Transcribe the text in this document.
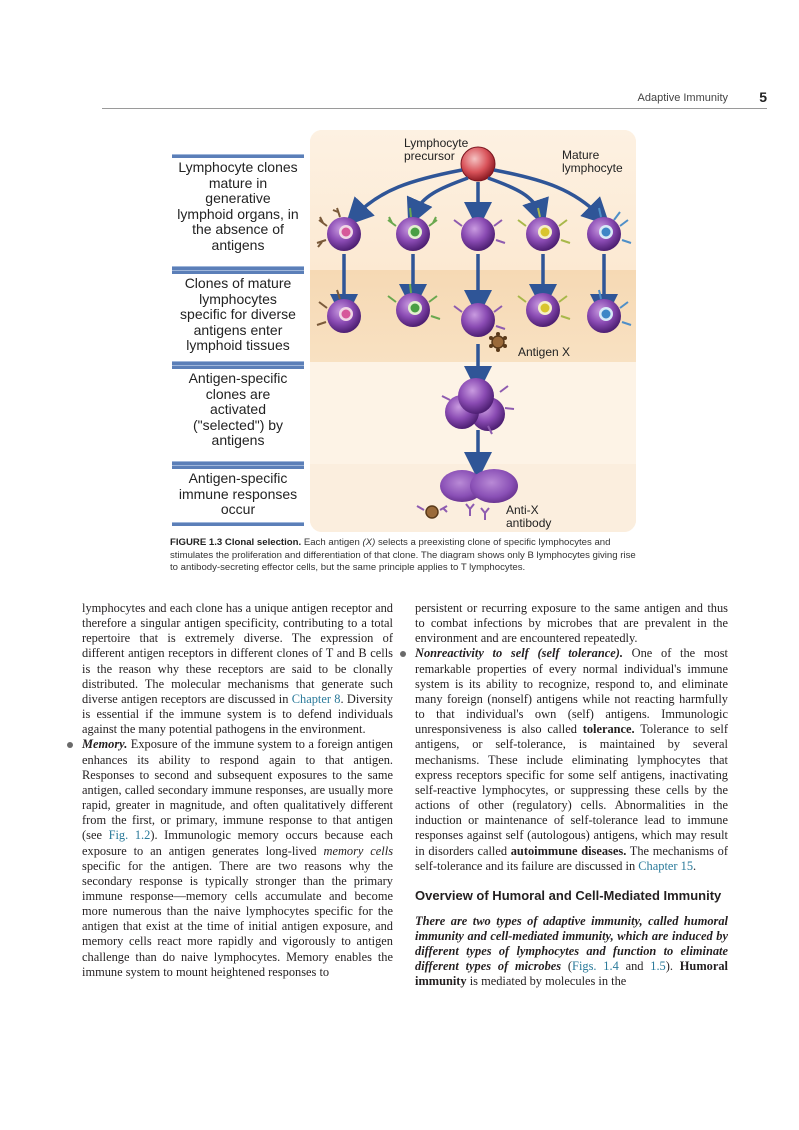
Adaptive Immunity 5
Lymphocyte clones mature in generative lymphoid organs, in the absence of antigens
Clones of mature lymphocytes specific for diverse antigens enter lymphoid tissues
Antigen-specific clones are activated ("selected") by antigens
Antigen-specific immune responses occur
Lymphocyte precursor	Mature lymphocyte
Antigen X
Anti-X antibody
FIGURE 1.3 Clonal selection. Each antigen (X) selects a preexisting clone of specific lymphocytes and stimulates the proliferation and differentiation of that clone. The diagram shows only B lymphocytes giving rise to antibody-secreting effector cells, but the same principle applies to T lymphocytes.

lymphocytes and each clone has a unique antigen receptor and therefore a singular antigen specificity, contributing to a total repertoire that is extremely diverse. The expression of different antigen receptors in different clones of T and B cells is the reason why these receptors are said to be clonally distributed. The molecular mechanisms that generate such diverse antigen receptors are discussed in Chapter 8. Diversity is essential if the immune system is to defend individuals against the many potential pathogens in the environment.

Memory. Exposure of the immune system to a foreign antigen enhances its ability to respond again to that antigen. Responses to second and subsequent exposures to the same antigen, called secondary immune responses, are usually more rapid, greater in magnitude, and often qualitatively different from the first, or primary, immune response to that antigen (see Fig. 1.2). Immunologic memory occurs because each exposure to an antigen generates long-lived memory cells specific for the antigen. There are two reasons why the secondary response is typically stronger than the primary immune response—memory cells accumulate and become more numerous than the naive lymphocytes specific for the antigen that exist at the time of initial antigen exposure, and memory cells react more rapidly and vigorously to antigen challenge than do naive lymphocytes. Memory enables the immune system to mount heightened responses to

persistent or recurring exposure to the same antigen and thus to combat infections by microbes that are prevalent in the environment and are encountered repeatedly.

Nonreactivity to self (self tolerance). One of the most remarkable properties of every normal individual's immune system is its ability to recognize, respond to, and eliminate many foreign (nonself) antigens while not reacting harmfully to that individual's own (self) antigens. Immunologic unresponsiveness is also called tolerance. Tolerance to self antigens, or self-tolerance, is maintained by several mechanisms. These include eliminating lymphocytes that express receptors specific for some self antigens, inactivating self-reactive lymphocytes, or suppressing these cells by the actions of other (regulatory) cells. Abnormalities in the induction or maintenance of self-tolerance lead to immune responses against self (autologous) antigens, which may result in disorders called autoimmune diseases. The mechanisms of self-tolerance and its failure are discussed in Chapter 15.

Overview of Humoral and Cell-Mediated Immunity

There are two types of adaptive immunity, called humoral immunity and cell-mediated immunity, which are induced by different types of lymphocytes and function to eliminate different types of microbes (Figs. 1.4 and 1.5). Humoral immunity is mediated by molecules in the
